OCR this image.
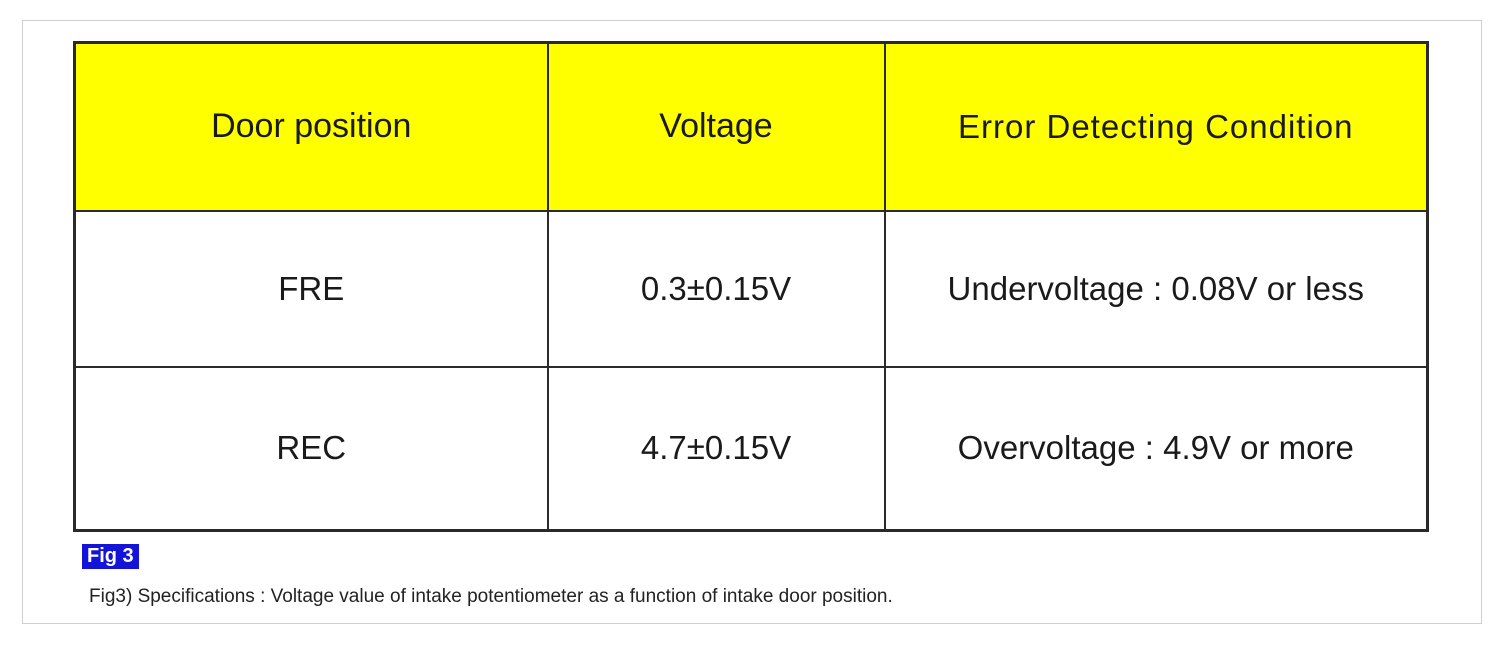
Door position	Voltage	Error Detecting Condition
FRE	0.3±0.15V	Undervoltage : 0.08V or less
REC	4.7±0.15V	Overvoltage : 4.9V or more
Fig 3
Fig3) Specifications : Voltage value of intake potentiometer as a function of intake door position.
